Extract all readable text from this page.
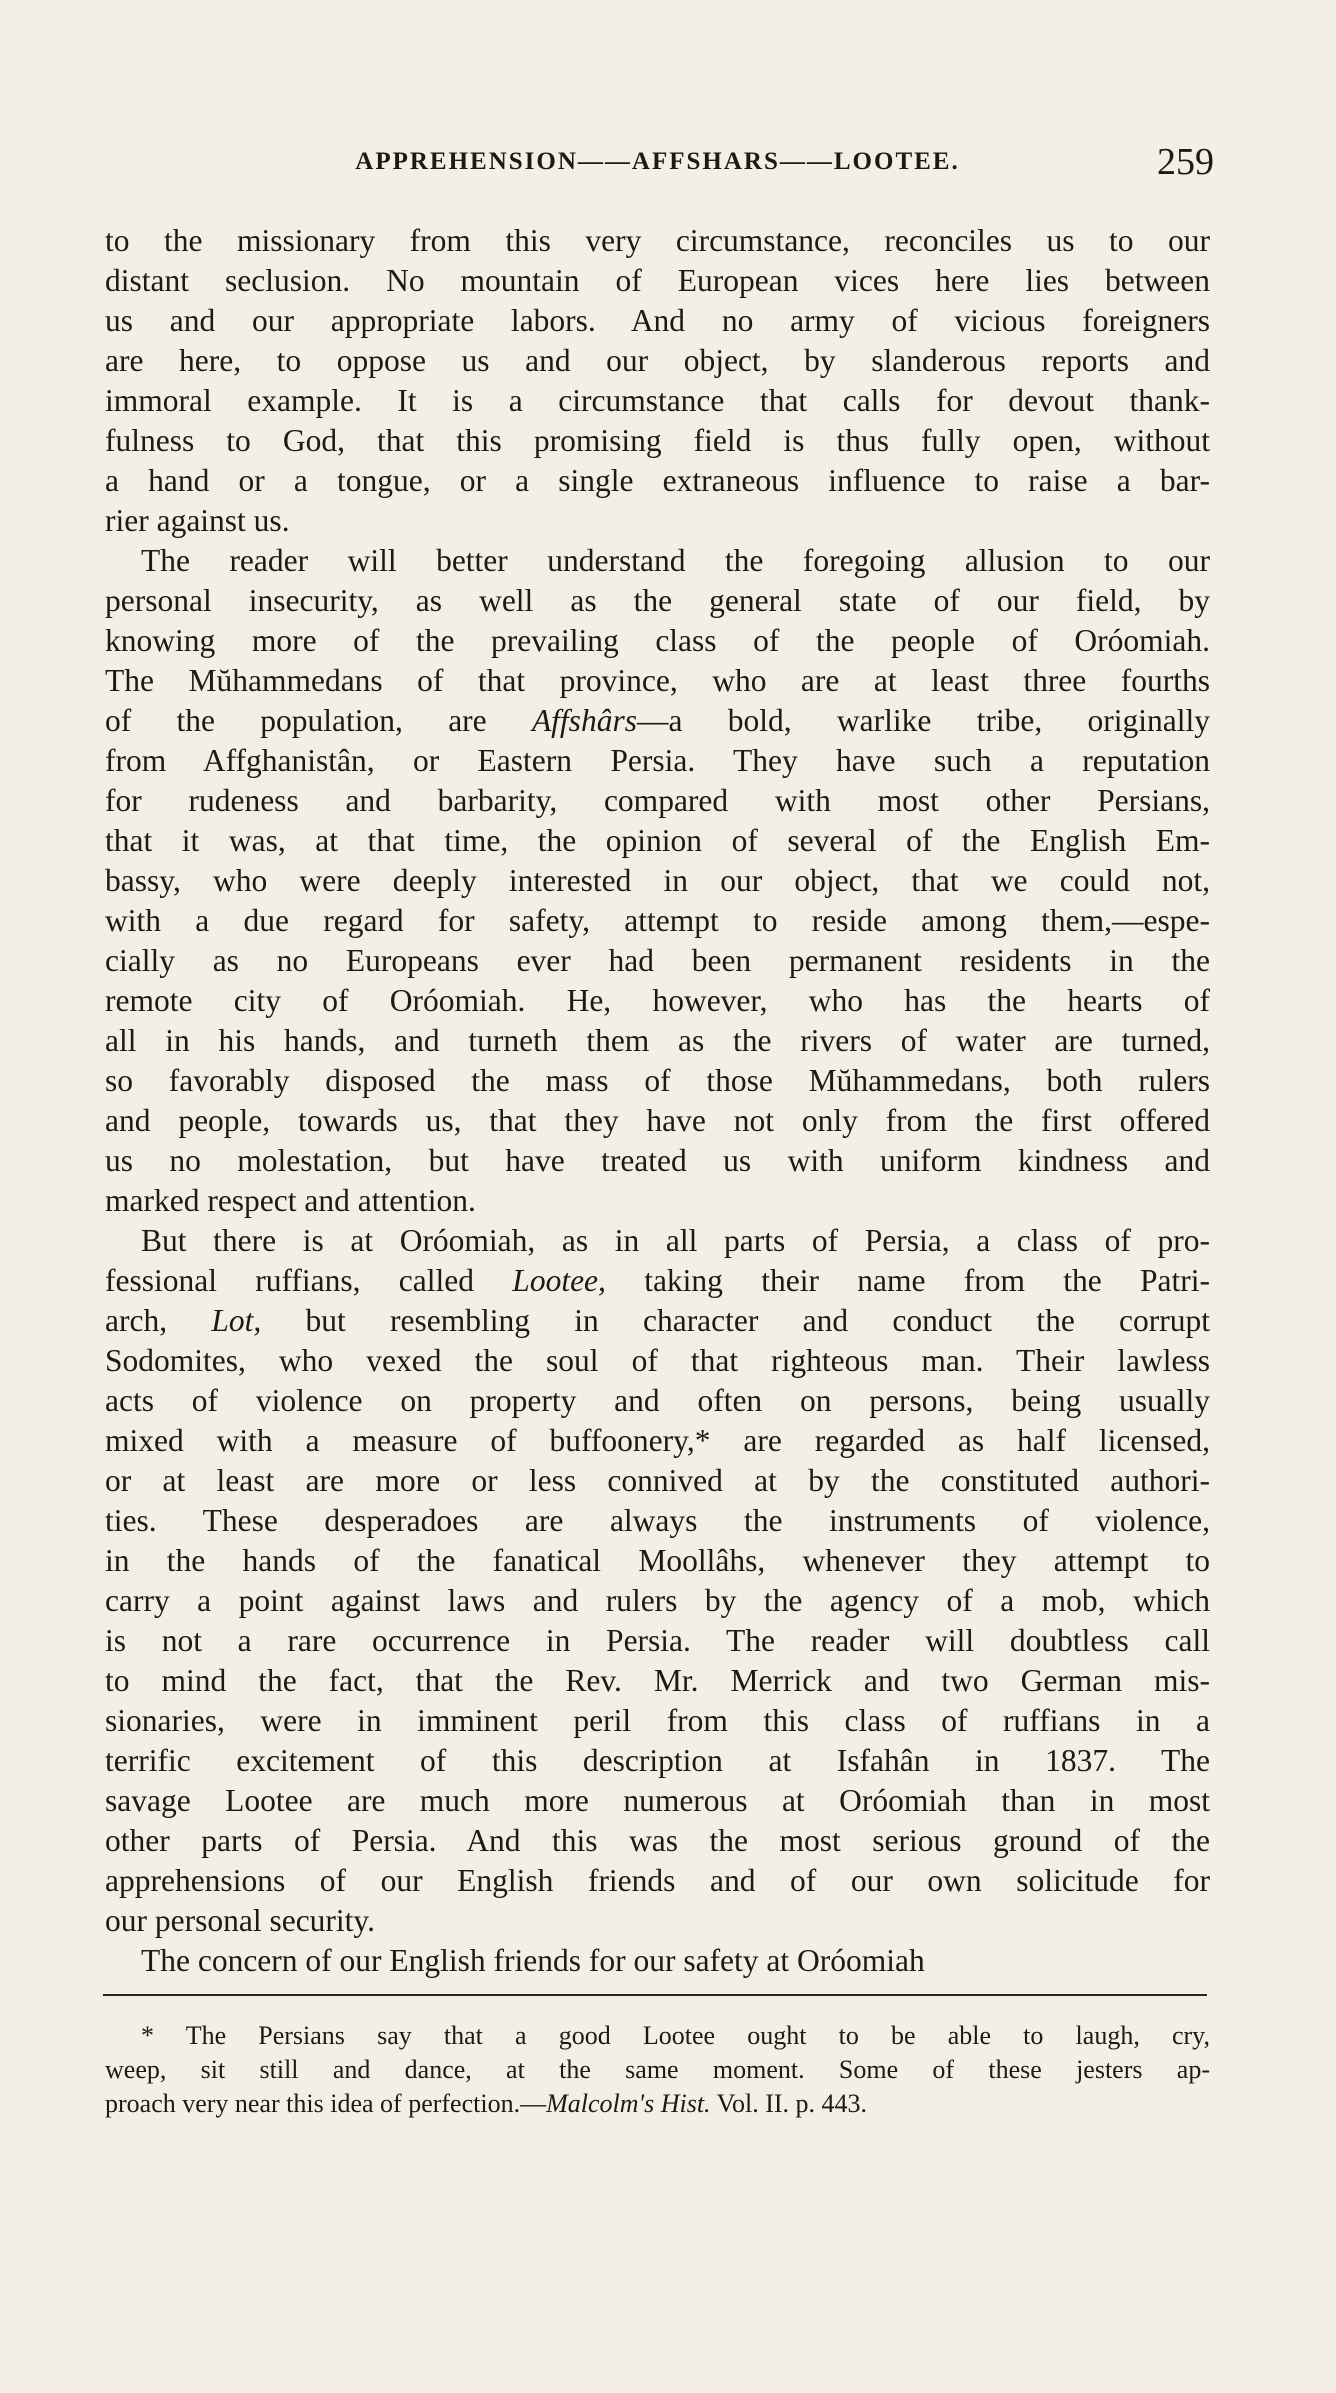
APPREHENSION——AFFSHARS——LOOTEE.	259
to the missionary from this very circumstance, reconciles us to our
distant seclusion. No mountain of European vices here lies between
us and our appropriate labors. And no army of vicious foreigners
are here, to oppose us and our object, by slanderous reports and
immoral example. It is a circumstance that calls for devout thank-
fulness to God, that this promising field is thus fully open, without
a hand or a tongue, or a single extraneous influence to raise a bar-
rier against us.
The reader will better understand the foregoing allusion to our
personal insecurity, as well as the general state of our field, by
knowing more of the prevailing class of the people of Oróomiah.
The Mŭhammedans of that province, who are at least three fourths
of the population, are Affshârs—a bold, warlike tribe, originally
from Affghanistân, or Eastern Persia. They have such a reputation
for rudeness and barbarity, compared with most other Persians,
that it was, at that time, the opinion of several of the English Em-
bassy, who were deeply interested in our object, that we could not,
with a due regard for safety, attempt to reside among them,—espe-
cially as no Europeans ever had been permanent residents in the
remote city of Oróomiah. He, however, who has the hearts of
all in his hands, and turneth them as the rivers of water are turned,
so favorably disposed the mass of those Mŭhammedans, both rulers
and people, towards us, that they have not only from the first offered
us no molestation, but have treated us with uniform kindness and
marked respect and attention.
But there is at Oróomiah, as in all parts of Persia, a class of pro-
fessional ruffians, called Lootee, taking their name from the Patri-
arch, Lot, but resembling in character and conduct the corrupt
Sodomites, who vexed the soul of that righteous man. Their lawless
acts of violence on property and often on persons, being usually
mixed with a measure of buffoonery,* are regarded as half licensed,
or at least are more or less connived at by the constituted authori-
ties. These desperadoes are always the instruments of violence,
in the hands of the fanatical Moollâhs, whenever they attempt to
carry a point against laws and rulers by the agency of a mob, which
is not a rare occurrence in Persia. The reader will doubtless call
to mind the fact, that the Rev. Mr. Merrick and two German mis-
sionaries, were in imminent peril from this class of ruffians in a
terrific excitement of this description at Isfahân in 1837. The
savage Lootee are much more numerous at Oróomiah than in most
other parts of Persia. And this was the most serious ground of the
apprehensions of our English friends and of our own solicitude for
our personal security.
The concern of our English friends for our safety at Oróomiah
* The Persians say that a good Lootee ought to be able to laugh, cry,
weep, sit still and dance, at the same moment. Some of these jesters ap-
proach very near this idea of perfection.—Malcolm's Hist. Vol. II. p. 443.
